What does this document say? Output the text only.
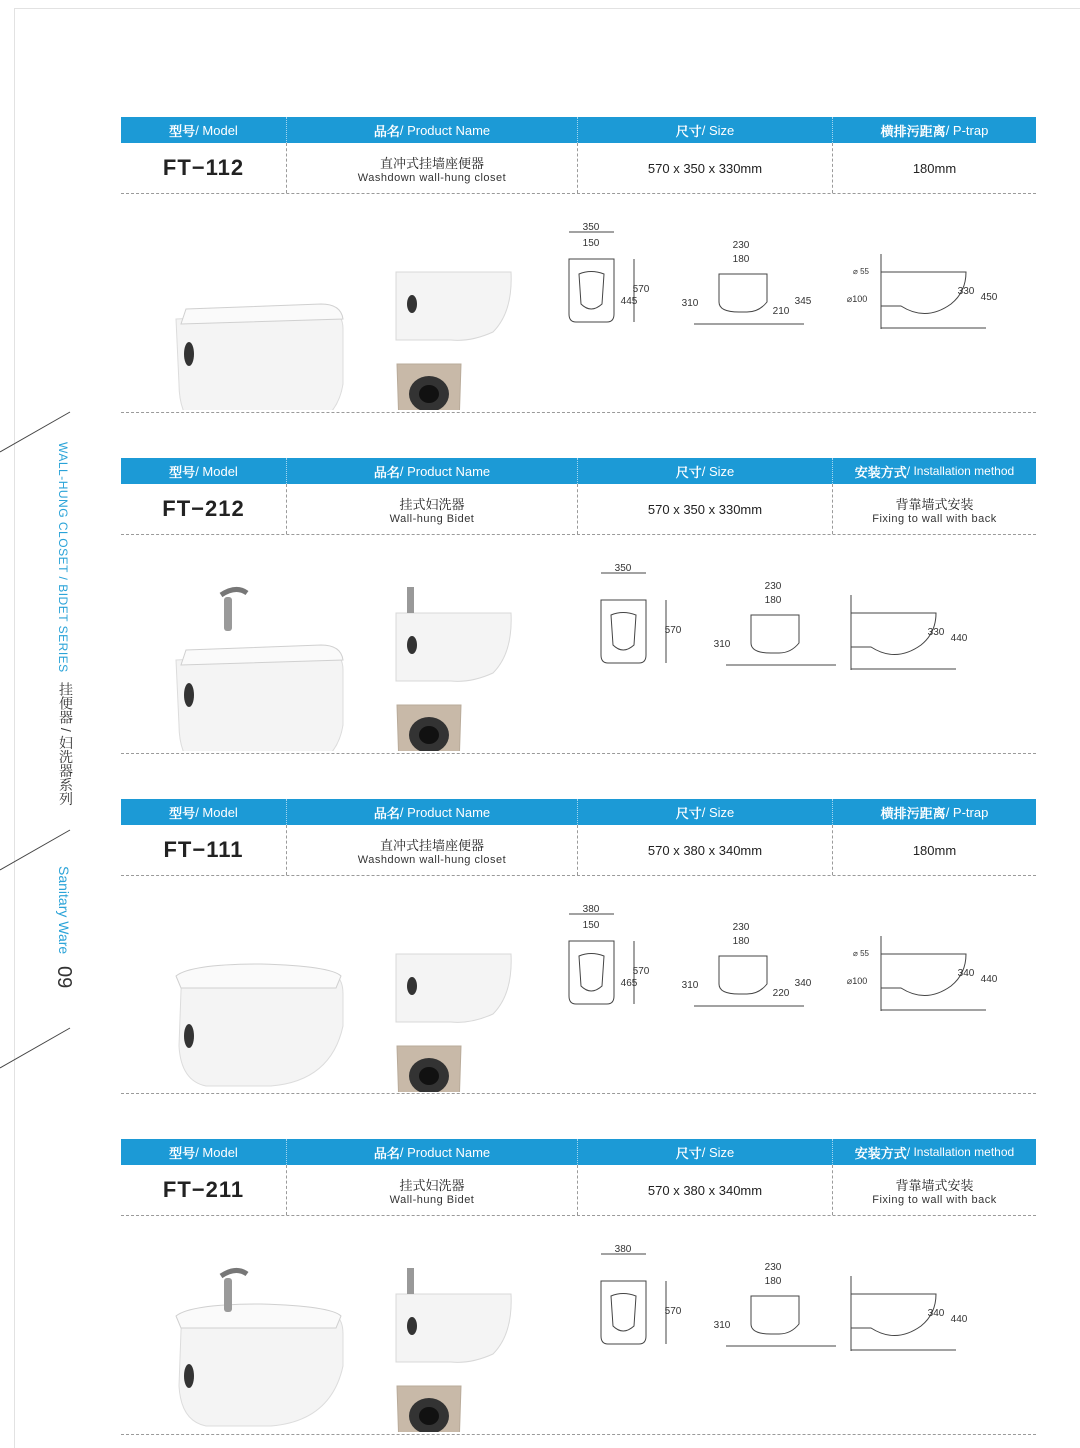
WALL-HUNG CLOSET / BIDET SERIES
挂便器 / 妇洗器系列
Sanitary Ware
09
型号 / Model	品名 / Product Name	尺寸 / Size	横排污距离 / P-trap
FT−112	直冲式挂墙座便器
Washdown wall-hung closet
570 x 350 x 330mm	180mm
350
150
445
570
230
180
310
210
345
330
450
⌀100
⌀ 55
型号 / Model	品名 / Product Name	尺寸 / Size	安装方式 / Installation method
FT−212	挂式妇洗器
Wall-hung Bidet
570 x 350 x 330mm	背靠墙式安装
Fixing to wall with back
350
570
230
180
310
330
440
型号 / Model	品名 / Product Name	尺寸 / Size	横排污距离 / P-trap
FT−111	直冲式挂墙座便器
Washdown wall-hung closet
570 x 380 x 340mm	180mm
380
150
465
570
230
180
310
220
340
340
440
⌀100
⌀ 55
型号 / Model	品名 / Product Name	尺寸 / Size	安装方式 / Installation method
FT−211	挂式妇洗器
Wall-hung Bidet
570 x 380 x 340mm	背靠墙式安装
Fixing to wall with back
380
570
230
180
310
340
440
